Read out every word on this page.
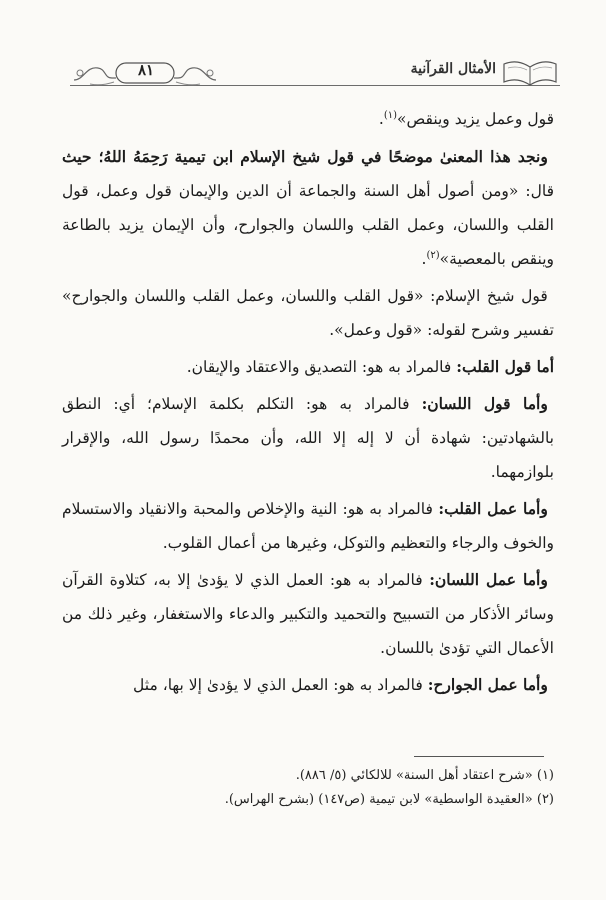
٨١	الأمثال القرآنية

قول وعمل يزيد وينقص»$^{(١)}$.

ونجد هذا المعنىٰ موضحًا في قول شيخ الإسلام ابن تيمية رَحِمَهُ اللهُ؛ حيث قال: «ومن أصول أهل السنة والجماعة أن الدين والإيمان قول وعمل، قول القلب واللسان، وعمل القلب واللسان والجوارح، وأن الإيمان يزيد بالطاعة وينقص بالمعصية»$^{(٢)}$.

قول شيخ الإسلام: «قول القلب واللسان، وعمل القلب واللسان والجوارح» تفسير وشرح لقوله: «قول وعمل».

أما قول القلب: فالمراد به هو: التصديق والاعتقاد والإيقان.

وأما قول اللسان: فالمراد به هو: التكلم بكلمة الإسلام؛ أي: النطق بالشهادتين: شهادة أن لا إله إلا الله، وأن محمدًا رسول الله، والإقرار بلوازمهما.

وأما عمل القلب: فالمراد به هو: النية والإخلاص والمحبة والانقياد والاستسلام والخوف والرجاء والتعظيم والتوكل، وغيرها من أعمال القلوب.

وأما عمل اللسان: فالمراد به هو: العمل الذي لا يؤدىٰ إلا به، كتلاوة القرآن وسائر الأذكار من التسبيح والتحميد والتكبير والدعاء والاستغفار، وغير ذلك من الأعمال التي تؤدىٰ باللسان.

وأما عمل الجوارح: فالمراد به هو: العمل الذي لا يؤدىٰ إلا بها، مثل

(١) «شرح اعتقاد أهل السنة» للالكائي (٥/ ٨٨٦).
(٢) «العقيدة الواسطية» لابن تيمية (ص١٤٧) (بشرح الهراس).
